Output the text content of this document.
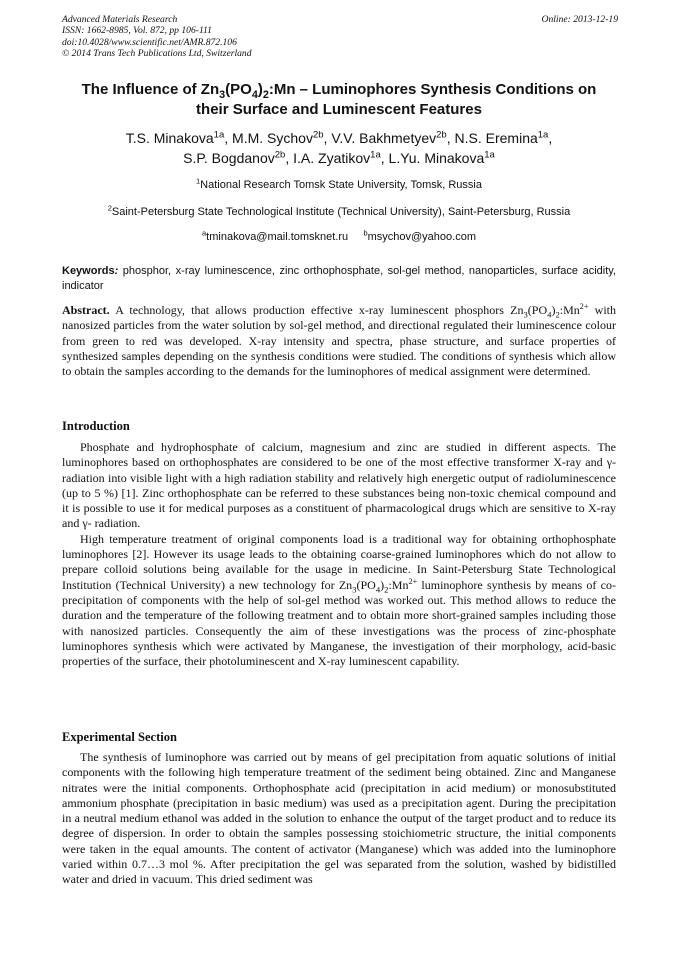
Advanced Materials Research
ISSN: 1662-8985, Vol. 872, pp 106-111
doi:10.4028/www.scientific.net/AMR.872.106
© 2014 Trans Tech Publications Ltd, Switzerland
Online: 2013-12-19
The Influence of $Zn_3(PO_4)_2:Mn$ – Luminophores Synthesis Conditions on
their Surface and Luminescent Features
T.S. Minakova$^{1a}$, M.M. Sychov$^{2b}$, V.V. Bakhmetyev$^{2b}$, N.S. Eremina$^{1a}$,
S.P. Bogdanov$^{2b}$, I.A. Zyatikov$^{1a}$, L.Yu. Minakova$^{1a}$
$^1$National Research Tomsk State University, Tomsk, Russia
$^2$Saint-Petersburg State Technological Institute (Technical University), Saint-Petersburg, Russia
$^a$tminakova@mail.tomsknet.ru $^b$msychov@yahoo.com
Keywords: phosphor, x-ray luminescence, zinc orthophosphate, sol-gel method, nanoparticles, surface acidity, indicator
Abstract. A technology, that allows production effective x-ray luminescent phosphors $Zn_3(PO_4)_2:Mn^{2+}$ with nanosized particles from the water solution by sol-gel method, and directional regulated their luminescence colour from green to red was developed. X-ray intensity and spectra, phase structure, and surface properties of synthesized samples depending on the synthesis conditions were studied. The conditions of synthesis which allow to obtain the samples according to the demands for the luminophores of medical assignment were determined.
Introduction

Phosphate and hydrophosphate of calcium, magnesium and zinc are studied in different aspects. The luminophores based on orthophosphates are considered to be one of the most effective transformer X-ray and γ- radiation into visible light with a high radiation stability and relatively high energetic output of radioluminescence (up to 5 %) [1]. Zinc orthophosphate can be referred to these substances being non-toxic chemical compound and it is possible to use it for medical purposes as a constituent of pharmacological drugs which are sensitive to X-ray and γ- radiation.

High temperature treatment of original components load is a traditional way for obtaining orthophosphate luminophores [2]. However its usage leads to the obtaining coarse-grained luminophores which do not allow to prepare colloid solutions being available for the usage in medicine. In Saint-Petersburg State Technological Institution (Technical University) a new technology for $Zn_3(PO_4)_2:Mn^{2+}$ luminophore synthesis by means of co-precipitation of components with the help of sol-gel method was worked out. This method allows to reduce the duration and the temperature of the following treatment and to obtain more short-grained samples including those with nanosized particles. Consequently the aim of these investigations was the process of zinc-phosphate luminophores synthesis which were activated by Manganese, the investigation of their morphology, acid-basic properties of the surface, their photoluminescent and X-ray luminescent capability.

Experimental Section

The synthesis of luminophore was carried out by means of gel precipitation from aquatic solutions of initial components with the following high temperature treatment of the sediment being obtained. Zinc and Manganese nitrates were the initial components. Orthophosphate acid (precipitation in acid medium) or monosubstituted ammonium phosphate (precipitation in basic medium) was used as a precipitation agent. During the precipitation in a neutral medium ethanol was added in the solution to enhance the output of the target product and to reduce its degree of dispersion. In order to obtain the samples possessing stoichiometric structure, the initial components were taken in the equal amounts. The content of activator (Manganese) which was added into the luminophore varied within 0.7…3 mol %. After precipitation the gel was separated from the solution, washed by bidistilled water and dried in vacuum. This dried sediment was
